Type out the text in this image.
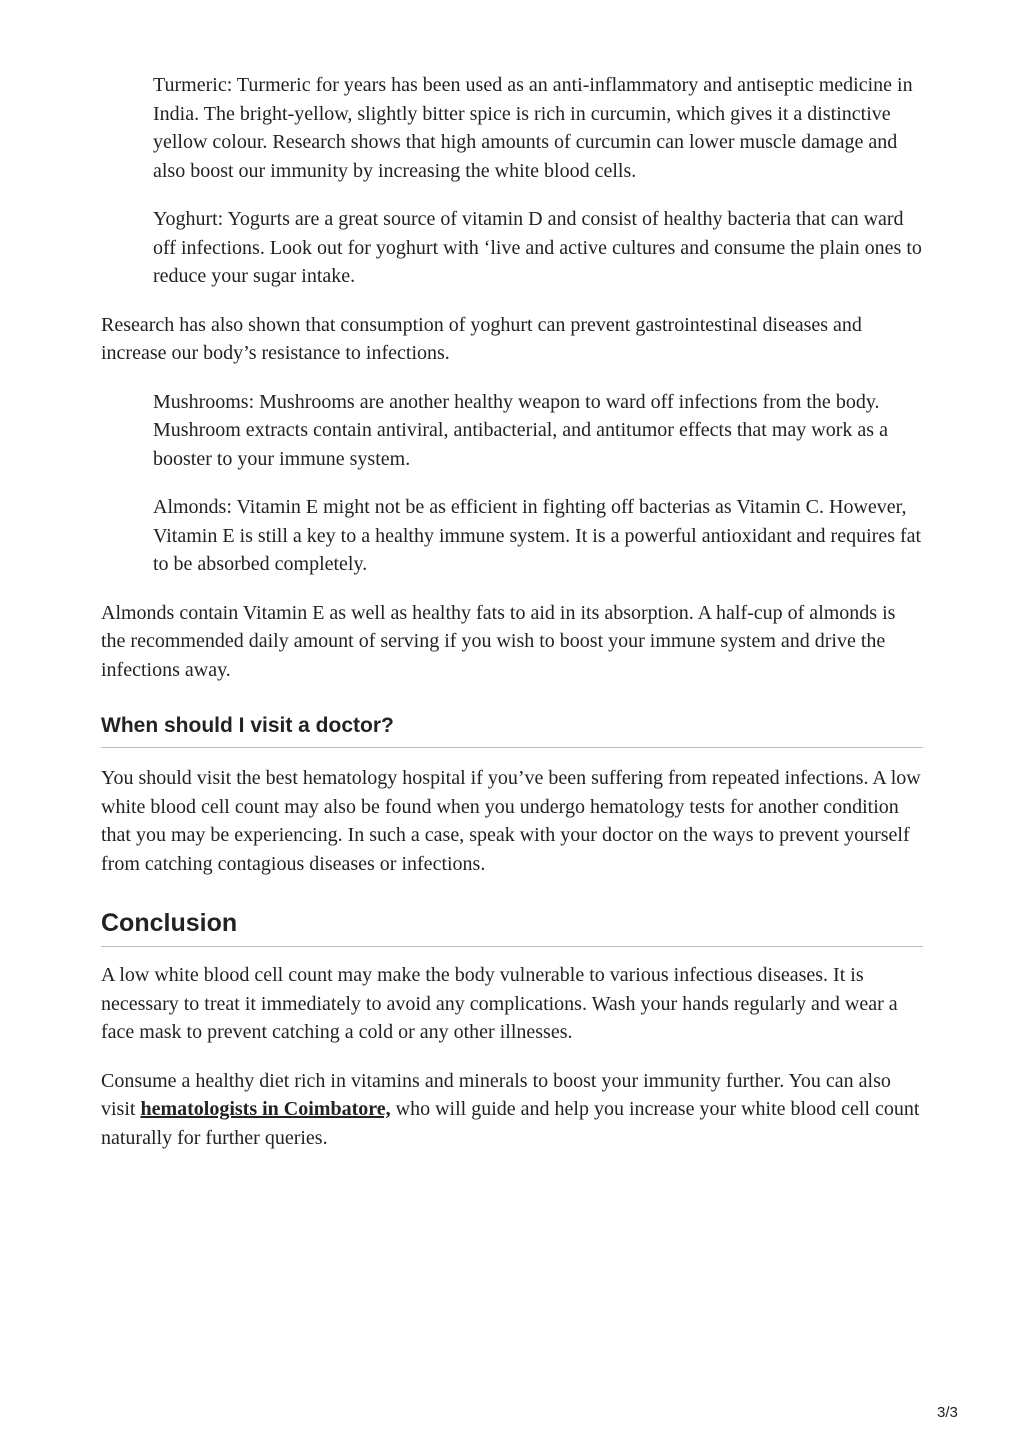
Turmeric: Turmeric for years has been used as an anti-inflammatory and antiseptic medicine in India. The bright-yellow, slightly bitter spice is rich in curcumin, which gives it a distinctive yellow colour. Research shows that high amounts of curcumin can lower muscle damage and also boost our immunity by increasing the white blood cells.

Yoghurt: Yogurts are a great source of vitamin D and consist of healthy bacteria that can ward off infections. Look out for yoghurt with ‘live and active cultures and consume the plain ones to reduce your sugar intake.

Research has also shown that consumption of yoghurt can prevent gastrointestinal diseases and increase our body’s resistance to infections.

Mushrooms: Mushrooms are another healthy weapon to ward off infections from the body. Mushroom extracts contain antiviral, antibacterial, and antitumor effects that may work as a booster to your immune system.

Almonds: Vitamin E might not be as efficient in fighting off bacterias as Vitamin C. However, Vitamin E is still a key to a healthy immune system. It is a powerful antioxidant and requires fat to be absorbed completely.

Almonds contain Vitamin E as well as healthy fats to aid in its absorption. A half-cup of almonds is the recommended daily amount of serving if you wish to boost your immune system and drive the infections away.

When should I visit a doctor?

You should visit the best hematology hospital if you’ve been suffering from repeated infections. A low white blood cell count may also be found when you undergo hematology tests for another condition that you may be experiencing. In such a case, speak with your doctor on the ways to prevent yourself from catching contagious diseases or infections.

Conclusion

A low white blood cell count may make the body vulnerable to various infectious diseases. It is necessary to treat it immediately to avoid any complications. Wash your hands regularly and wear a face mask to prevent catching a cold or any other illnesses.

Consume a healthy diet rich in vitamins and minerals to boost your immunity further. You can also visit hematologists in Coimbatore, who will guide and help you increase your white blood cell count naturally for further queries.

3/3
